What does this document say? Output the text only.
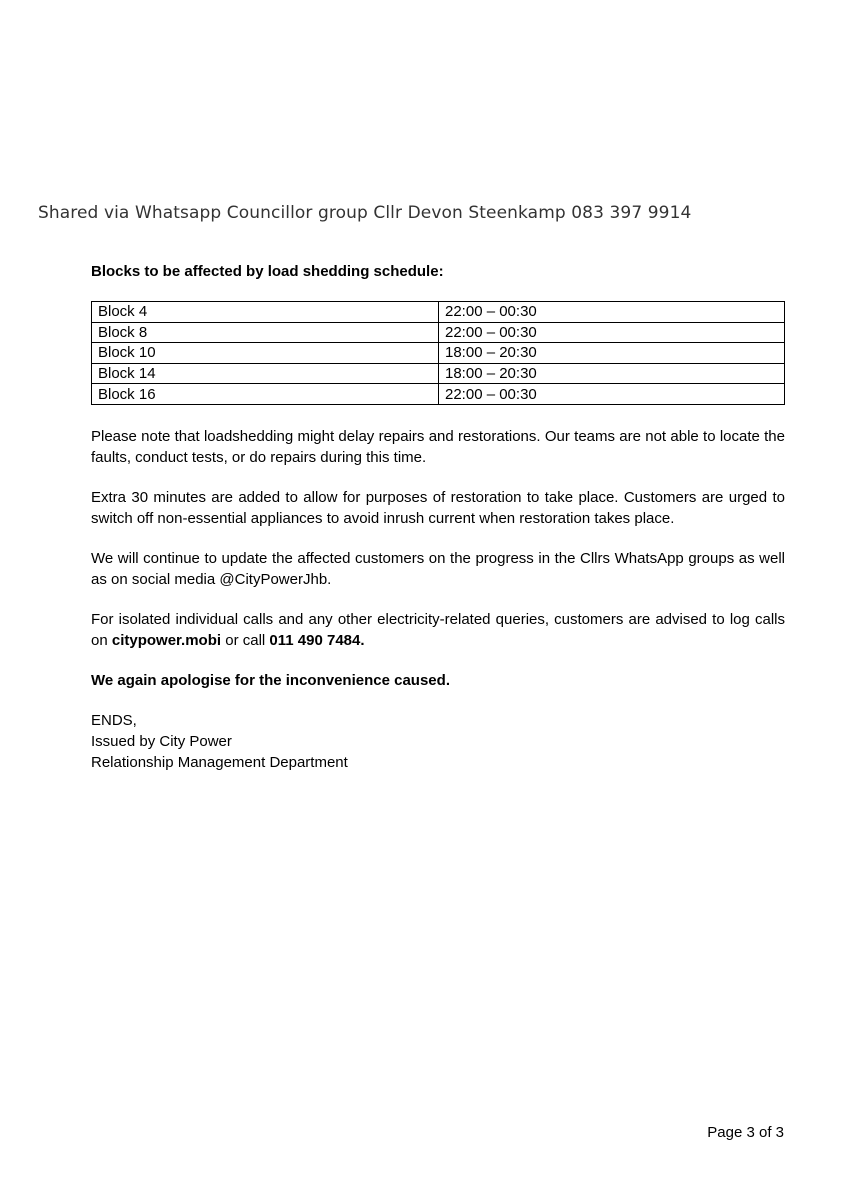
Shared via Whatsapp Councillor group Cllr Devon Steenkamp 083 397 9914
Blocks to be affected by load shedding schedule:
Block 4	22:00 – 00:30
Block 8	22:00 – 00:30
Block 10	18:00 – 20:30
Block 14	18:00 – 20:30
Block 16	22:00 – 00:30

Please note that loadshedding might delay repairs and restorations. Our teams are not able to locate the faults, conduct tests, or do repairs during this time.

Extra 30 minutes are added to allow for purposes of restoration to take place. Customers are urged to switch off non-essential appliances to avoid inrush current when restoration takes place.

We will continue to update the affected customers on the progress in the Cllrs WhatsApp groups as well as on social media @CityPowerJhb.

For isolated individual calls and any other electricity-related queries, customers are advised to log calls on citypower.mobi or call 011 490 7484.

We again apologise for the inconvenience caused.

ENDS,
Issued by City Power
Relationship Management Department
Page 3 of 3
